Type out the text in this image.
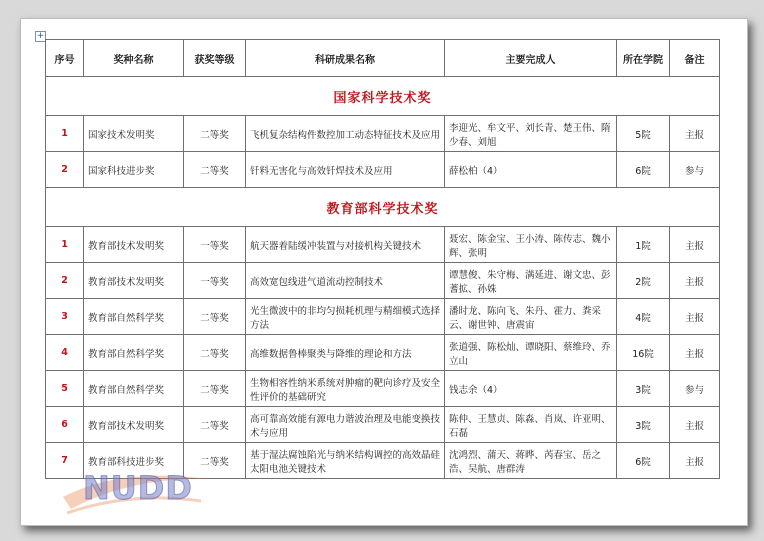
+
序号	奖种名称	获奖等级	科研成果名称	主要完成人	所在学院	备注
国家科学技术奖						
1	国家技术发明奖	二等奖	飞机复杂结构件数控加工动态特征技术及应用	李迎光、牟文平、刘长青、楚王伟、隋少春、刘旭	5院	主报
2	国家科技进步奖	二等奖	钎料无害化与高效钎焊技术及应用	薛松柏（4）	6院	参与
教育部科学技术奖						
1	教育部技术发明奖	一等奖	航天器着陆缓冲装置与对接机构关键技术	聂宏、陈金宝、王小涛、陈传志、魏小辉、张明	1院	主报
2	教育部技术发明奖	一等奖	高效宽包线进气道流动控制技术	谭慧俊、朱守梅、满延进、谢文忠、彭蓍拡、孙姝	2院	主报
3	教育部自然科学奖	二等奖	光生微波中的非均匀损耗机理与精细模式选择方法	潘时龙、陈向飞、朱丹、霍力、粪采云、谢世钟、唐震宙	4院	主报
4	教育部自然科学奖	二等奖	高维数据鲁棒聚类与降维的理论和方法	张道强、陈松灿、谭晓阳、蔡维玲、乔立山	16院	主报
5	教育部自然科学奖	二等奖	生物相容性纳米系统对肿瘤的靶向诊疗及安全性评价的基础研究	钱志余（4）	3院	参与
6	教育部技术发明奖	二等奖	高可靠高效能有源电力谐波治理及电能变换技术与应用	陈仲、王慧贞、陈淼、肖岚、许亚明、石磊	3院	主报
7	教育部科技进步奖	二等奖	基于湿法腐蚀陷光与纳米结构调控的高效晶硅太阳电池关键技术	沈鸿烈、蒲天、蒋晔、芮春宝、岳之浩、吴航、唐群涛	6院	主报
NUDD
